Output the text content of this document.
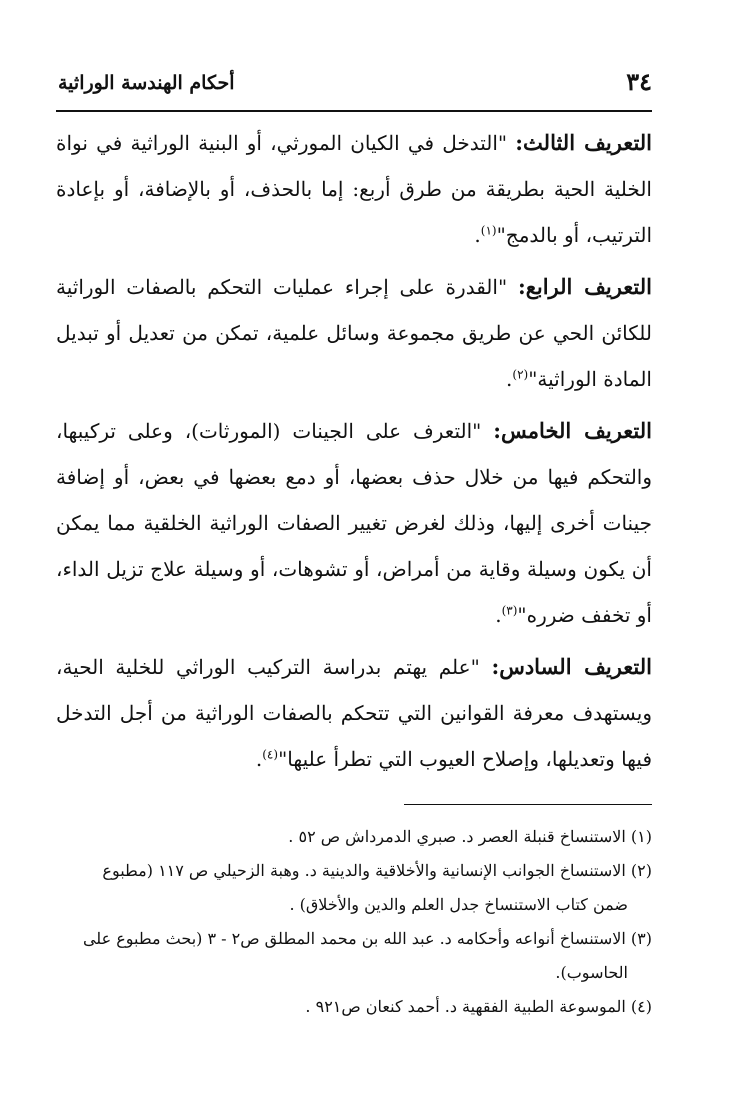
٣٤
أحكام الهندسة الوراثية

التعريف الثالث: "التدخل في الكيان المورثي، أو البنية الوراثية في نواة الخلية الحية بطريقة من طرق أربع: إما بالحذف، أو بالإضافة، أو بإعادة الترتيب، أو بالدمج"$^{(١)}$.

التعريف الرابع: "القدرة على إجراء عمليات التحكم بالصفات الوراثية للكائن الحي عن طريق مجموعة وسائل علمية، تمكن من تعديل أو تبديل المادة الوراثية"$^{(٢)}$.

التعريف الخامس: "التعرف على الجينات (المورثات)، وعلى تركيبها، والتحكم فيها من خلال حذف بعضها، أو دمع بعضها في بعض، أو إضافة جينات أخرى إليها، وذلك لغرض تغيير الصفات الوراثية الخلقية مما يمكن أن يكون وسيلة وقاية من أمراض، أو تشوهات، أو وسيلة علاج تزيل الداء، أو تخفف ضرره"$^{(٣)}$.

التعريف السادس: "علم يهتم بدراسة التركيب الوراثي للخلية الحية، ويستهدف معرفة القوانين التي تتحكم بالصفات الوراثية من أجل التدخل فيها وتعديلها، وإصلاح العيوب التي تطرأ عليها"$^{(٤)}$.

(١) الاستنساخ قنبلة العصر د. صبري الدمرداش ص ٥٢ .

(٢) الاستنساخ الجوانب الإنسانية والأخلاقية والدينية د. وهبة الزحيلي ص ١١٧ (مطبوع

ضمن كتاب الاستنساخ جدل العلم والدين والأخلاق) .

(٣) الاستنساخ أنواعه وأحكامه د. عبد الله بن محمد المطلق ص٢ - ٣ (بحث مطبوع على

الحاسوب).

(٤) الموسوعة الطبية الفقهية د. أحمد كنعان ص٩٢١ .
